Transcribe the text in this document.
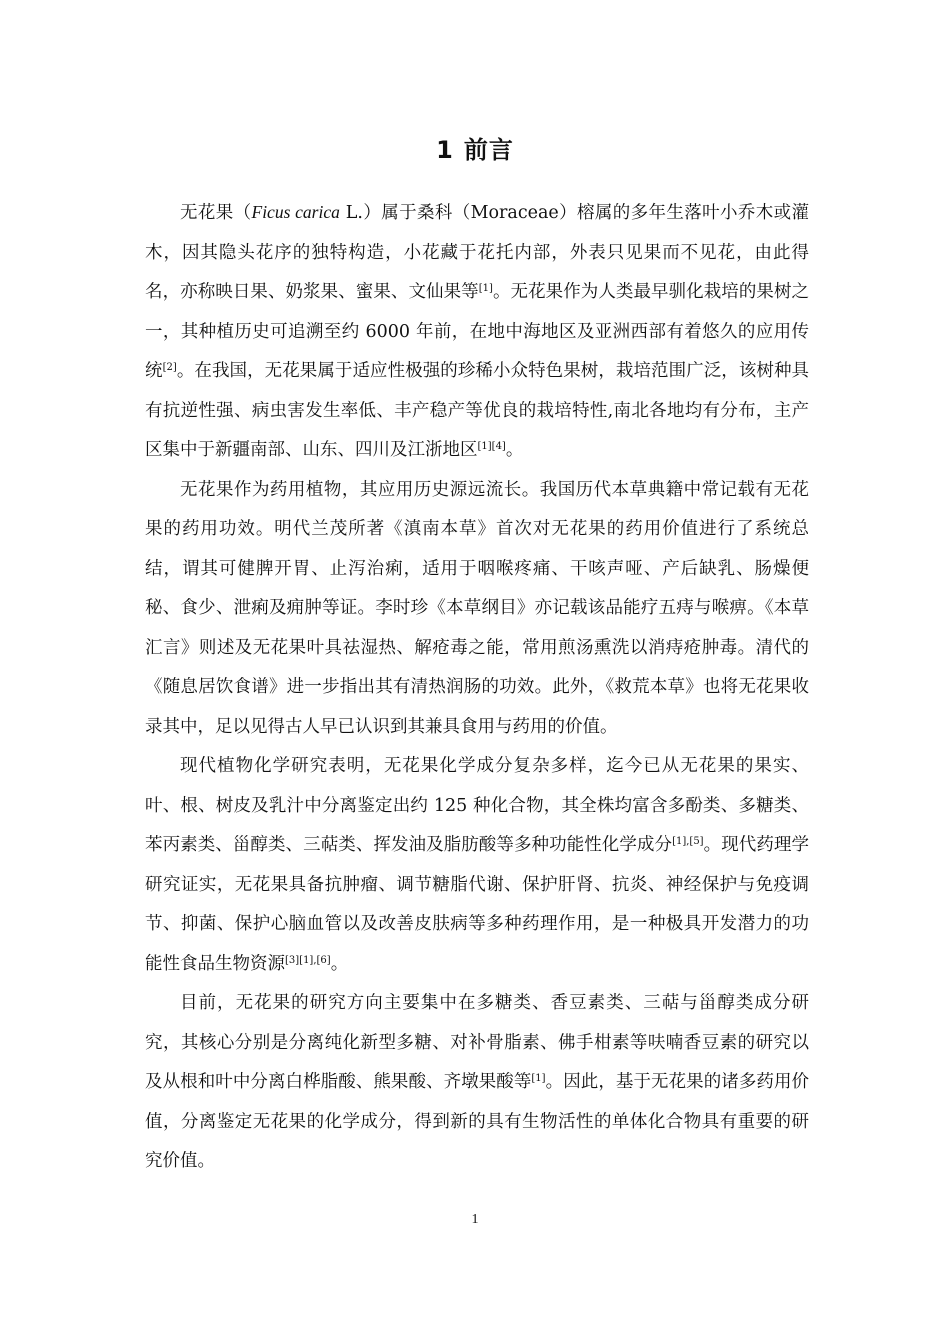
1 前言

无花果（Ficus carica L.）属于桑科（Moraceae）榕属的多年生落叶小乔木或灌木，因其隐头花序的独特构造，小花藏于花托内部，外表只见果而不见花，由此得名，亦称映日果、奶浆果、蜜果、文仙果等[1]。无花果作为人类最早驯化栽培的果树之一，其种植历史可追溯至约 6000 年前，在地中海地区及亚洲西部有着悠久的应用传统[2]。在我国，无花果属于适应性极强的珍稀小众特色果树，栽培范围广泛，该树种具有抗逆性强、病虫害发生率低、丰产稳产等优良的栽培特性,南北各地均有分布，主产区集中于新疆南部、山东、四川及江浙地区[1][4]。

无花果作为药用植物，其应用历史源远流长。我国历代本草典籍中常记载有无花果的药用功效。明代兰茂所著《滇南本草》首次对无花果的药用价值进行了系统总结，谓其可健脾开胃、止泻治痢，适用于咽喉疼痛、干咳声哑、产后缺乳、肠燥便秘、食少、泄痢及痈肿等证。李时珍《本草纲目》亦记载该品能疗五痔与喉痹。《本草汇言》则述及无花果叶具祛湿热、解疮毒之能，常用煎汤熏洗以消痔疮肿毒。清代的《随息居饮食谱》进一步指出其有清热润肠的功效。此外，《救荒本草》也将无花果收录其中，足以见得古人早已认识到其兼具食用与药用的价值。

现代植物化学研究表明，无花果化学成分复杂多样，迄今已从无花果的果实、叶、根、树皮及乳汁中分离鉴定出约 125 种化合物，其全株均富含多酚类、多糖类、苯丙素类、甾醇类、三萜类、挥发油及脂肪酸等多种功能性化学成分[1],[5]。现代药理学研究证实，无花果具备抗肿瘤、调节糖脂代谢、保护肝肾、抗炎、神经保护与免疫调节、抑菌、保护心脑血管以及改善皮肤病等多种药理作用，是一种极具开发潜力的功能性食品生物资源[3][1],[6]。

目前，无花果的研究方向主要集中在多糖类、香豆素类、三萜与甾醇类成分研究，其核心分别是分离纯化新型多糖、对补骨脂素、佛手柑素等呋喃香豆素的研究以及从根和叶中分离白桦脂酸、熊果酸、齐墩果酸等[1]。因此，基于无花果的诸多药用价值，分离鉴定无花果的化学成分，得到新的具有生物活性的单体化合物具有重要的研究价值。

1
